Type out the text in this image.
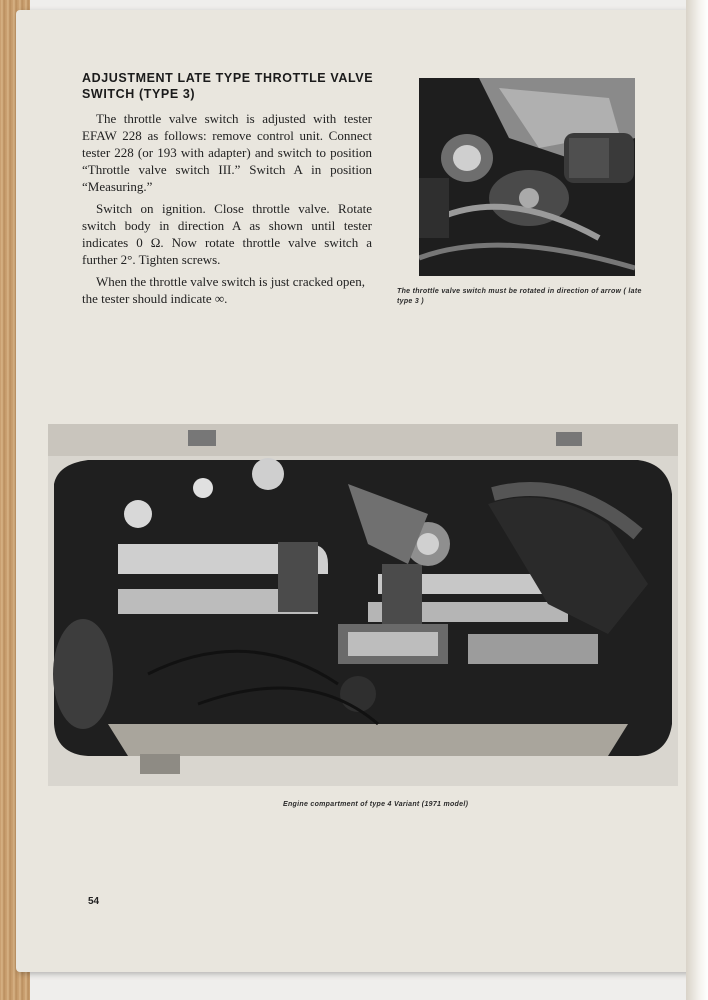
ADJUSTMENT LATE TYPE THROTTLE VALVE SWITCH (TYPE 3)

The throttle valve switch is adjusted with tester EFAW 228 as follows: remove control unit. Connect tester 228 (or 193 with adapter) and switch to position “Throttle valve switch III.” Switch A in position “Measuring.”

Switch on ignition. Close throttle valve. Rotate switch body in direction A as shown until tester indicates 0 Ω. Now rotate throttle valve switch a further 2°. Tighten screws.

When the throttle valve switch is just cracked open, the tester should indicate ∞.	The throttle valve switch must be rotated in direction of arrow ( late type 3 )
Engine compartment of type 4 Variant (1971 model)
54
